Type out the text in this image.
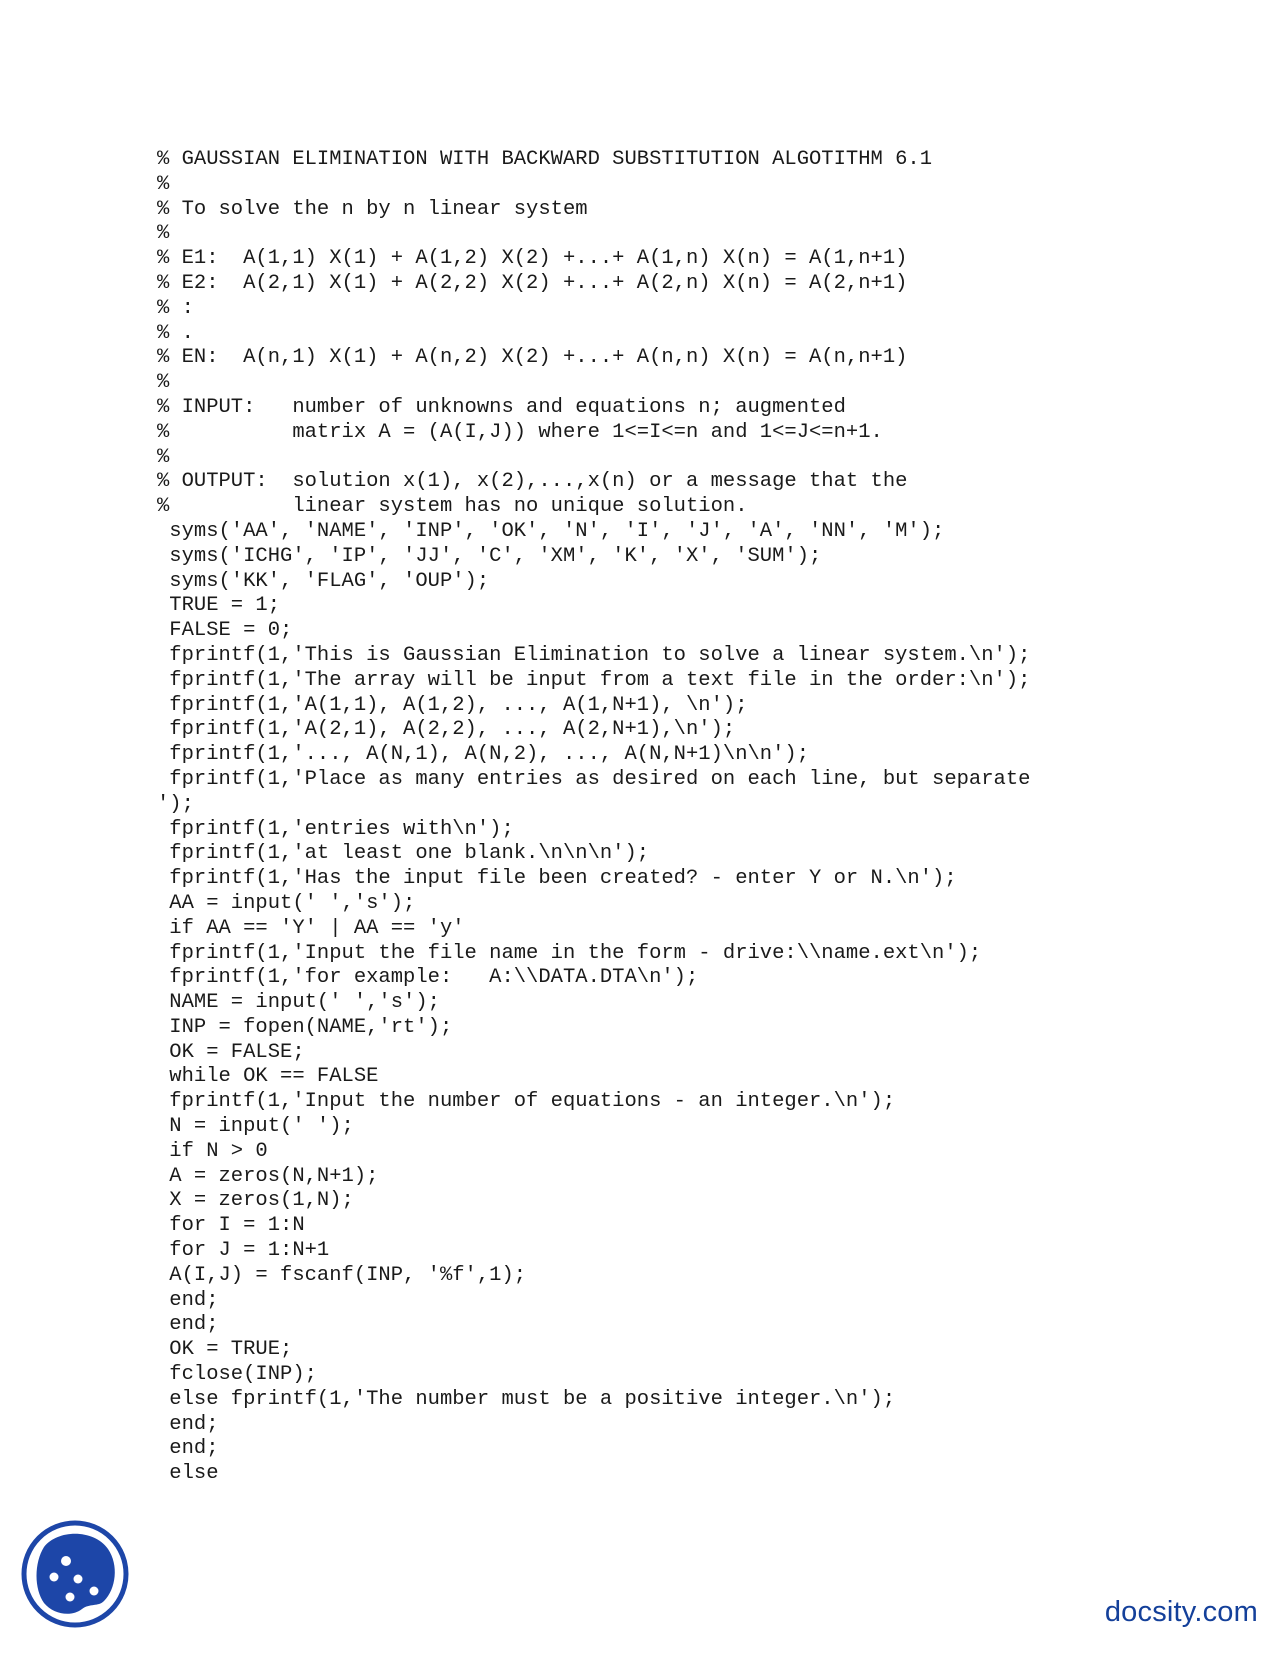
% GAUSSIAN ELIMINATION WITH BACKWARD SUBSTITUTION ALGOTITHM 6.1
%
% To solve the n by n linear system
%
% E1:  A(1,1) X(1) + A(1,2) X(2) +...+ A(1,n) X(n) = A(1,n+1)
% E2:  A(2,1) X(1) + A(2,2) X(2) +...+ A(2,n) X(n) = A(2,n+1)
% :
% .
% EN:  A(n,1) X(1) + A(n,2) X(2) +...+ A(n,n) X(n) = A(n,n+1)
%
% INPUT:   number of unknowns and equations n; augmented
%          matrix A = (A(I,J)) where 1<=I<=n and 1<=J<=n+1.
%
% OUTPUT:  solution x(1), x(2),...,x(n) or a message that the
%          linear system has no unique solution.
syms('AA', 'NAME', 'INP', 'OK', 'N', 'I', 'J', 'A', 'NN', 'M');
syms('ICHG', 'IP', 'JJ', 'C', 'XM', 'K', 'X', 'SUM');
syms('KK', 'FLAG', 'OUP');
TRUE = 1;
FALSE = 0;
fprintf(1,'This is Gaussian Elimination to solve a linear system.\n');
fprintf(1,'The array will be input from a text file in the order:\n');
fprintf(1,'A(1,1), A(1,2), ..., A(1,N+1), \n');
fprintf(1,'A(2,1), A(2,2), ..., A(2,N+1),\n');
fprintf(1,'..., A(N,1), A(N,2), ..., A(N,N+1)\n\n');
fprintf(1,'Place as many entries as desired on each line, but separate
');
fprintf(1,'entries with\n');
fprintf(1,'at least one blank.\n\n\n');
fprintf(1,'Has the input file been created? - enter Y or N.\n');
AA = input(' ','s');
if AA == 'Y' | AA == 'y'
fprintf(1,'Input the file name in the form - drive:\\name.ext\n');
fprintf(1,'for example:   A:\\DATA.DTA\n');
NAME = input(' ','s');
INP = fopen(NAME,'rt');
OK = FALSE;
while OK == FALSE
fprintf(1,'Input the number of equations - an integer.\n');
N = input(' ');
if N > 0
A = zeros(N,N+1);
X = zeros(1,N);
for I = 1:N
for J = 1:N+1
A(I,J) = fscanf(INP, '%f',1);
end;
end;
OK = TRUE;
fclose(INP);
else fprintf(1,'The number must be a positive integer.\n');
end;
end;
else
docsity.com
